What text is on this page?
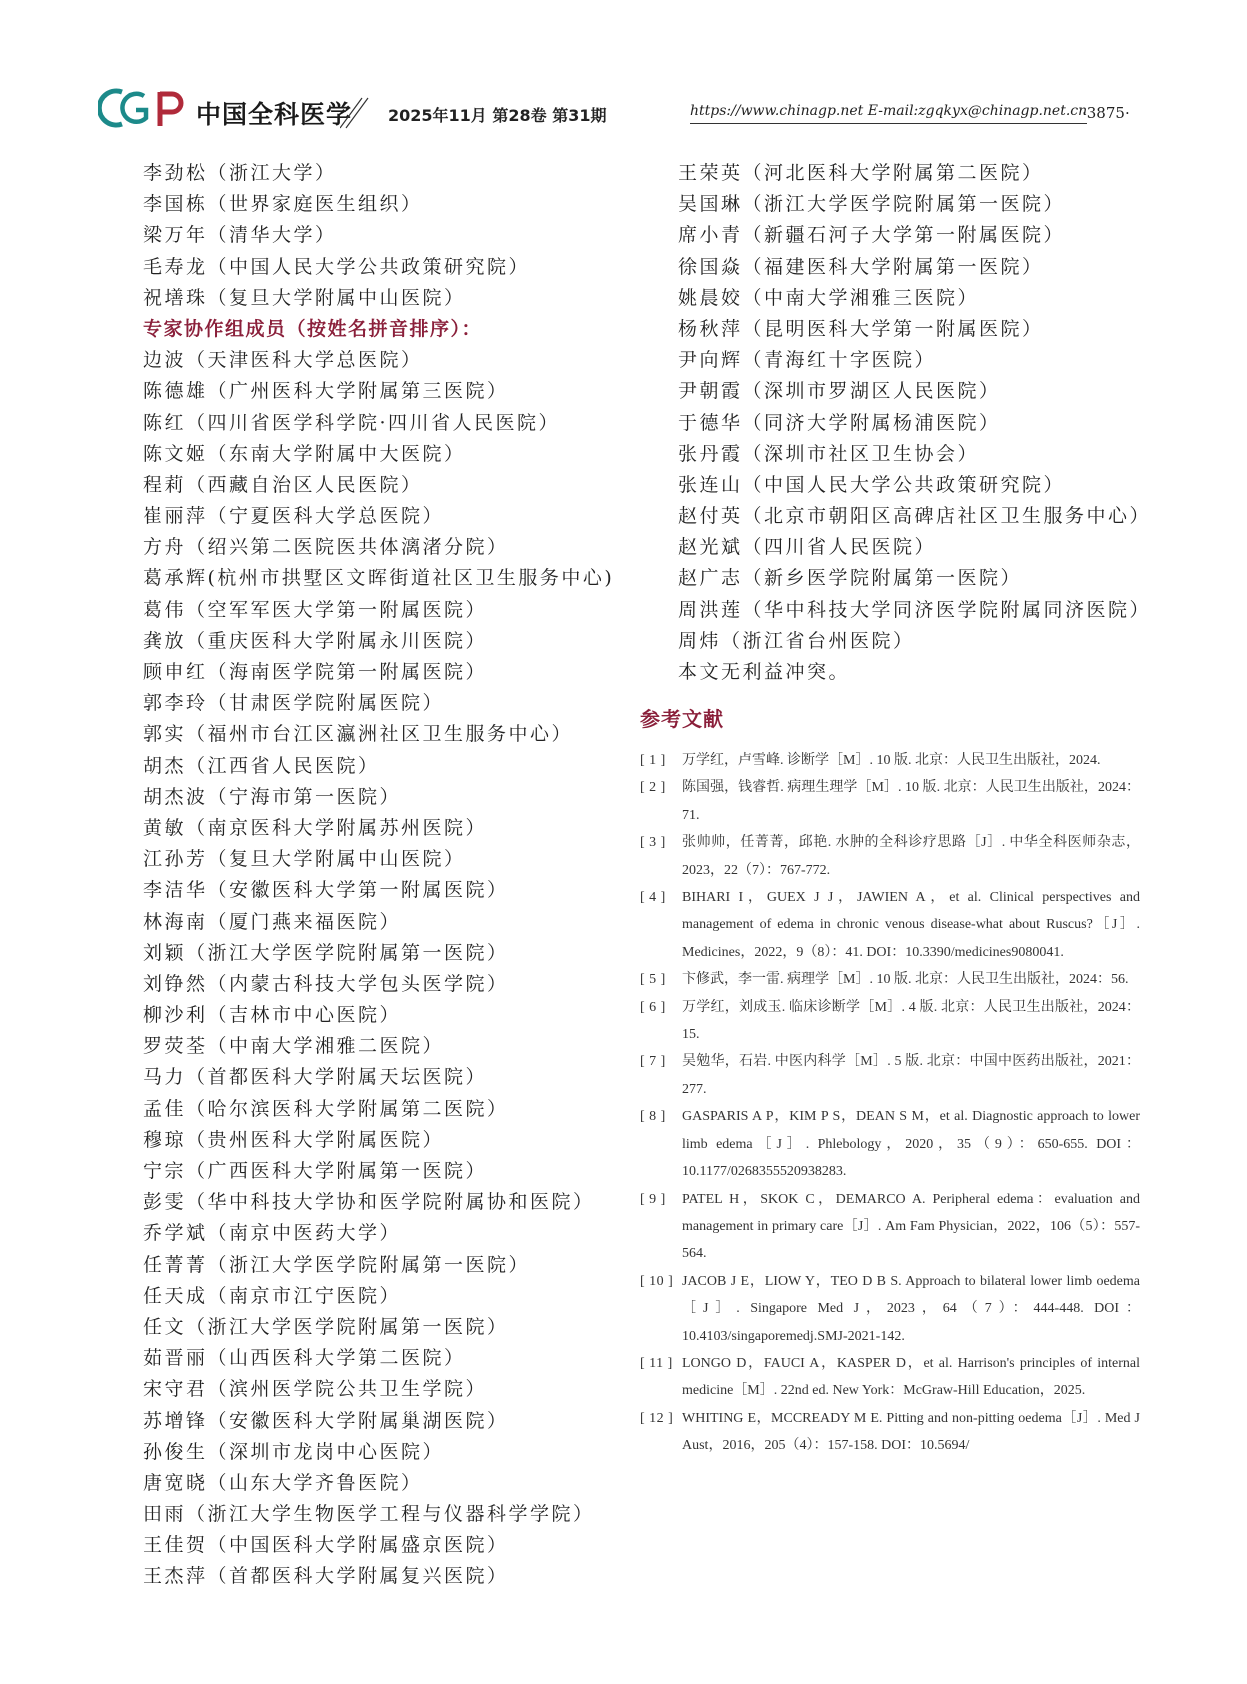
中国全科医学 2025年11月 第28卷 第31期	https://www.chinagp.net E-mail:zgqkyx@chinagp.net.cn
·3875·
李劲松（浙江大学）
李国栋（世界家庭医生组织）
梁万年（清华大学）
毛寿龙（中国人民大学公共政策研究院）
祝墡珠（复旦大学附属中山医院）
专家协作组成员（按姓名拼音排序）：
边波（天津医科大学总医院）
陈德雄（广州医科大学附属第三医院）
陈红（四川省医学科学院·四川省人民医院）
陈文姬（东南大学附属中大医院）
程莉（西藏自治区人民医院）
崔丽萍（宁夏医科大学总医院）
方舟（绍兴第二医院医共体漓渚分院）
葛承辉(杭州市拱墅区文晖街道社区卫生服务中心)
葛伟（空军军医大学第一附属医院）
龚放（重庆医科大学附属永川医院）
顾申红（海南医学院第一附属医院）
郭李玲（甘肃医学院附属医院）
郭实（福州市台江区瀛洲社区卫生服务中心）
胡杰（江西省人民医院）
胡杰波（宁海市第一医院）
黄敏（南京医科大学附属苏州医院）
江孙芳（复旦大学附属中山医院）
李洁华（安徽医科大学第一附属医院）
林海南（厦门燕来福医院）
刘颖（浙江大学医学院附属第一医院）
刘铮然（内蒙古科技大学包头医学院）
柳沙利（吉林市中心医院）
罗荧荃（中南大学湘雅二医院）
马力（首都医科大学附属天坛医院）
孟佳（哈尔滨医科大学附属第二医院）
穆琼（贵州医科大学附属医院）
宁宗（广西医科大学附属第一医院）
彭雯（华中科技大学协和医学院附属协和医院）
乔学斌（南京中医药大学）
任菁菁（浙江大学医学院附属第一医院）
任天成（南京市江宁医院）
任文（浙江大学医学院附属第一医院）
茹晋丽（山西医科大学第二医院）
宋守君（滨州医学院公共卫生学院）
苏增锋（安徽医科大学附属巢湖医院）
孙俊生（深圳市龙岗中心医院）
唐宽晓（山东大学齐鲁医院）
田雨（浙江大学生物医学工程与仪器科学学院）
王佳贺（中国医科大学附属盛京医院）
王杰萍（首都医科大学附属复兴医院）
王荣英（河北医科大学附属第二医院）
吴国琳（浙江大学医学院附属第一医院）
席小青（新疆石河子大学第一附属医院）
徐国焱（福建医科大学附属第一医院）
姚晨姣（中南大学湘雅三医院）
杨秋萍（昆明医科大学第一附属医院）
尹向辉（青海红十字医院）
尹朝霞（深圳市罗湖区人民医院）
于德华（同济大学附属杨浦医院）
张丹霞（深圳市社区卫生协会）
张连山（中国人民大学公共政策研究院）
赵付英（北京市朝阳区高碑店社区卫生服务中心）
赵光斌（四川省人民医院）
赵广志（新乡医学院附属第一医院）
周洪莲（华中科技大学同济医学院附属同济医院）
周炜（浙江省台州医院）
本文无利益冲突。
参考文献
[ 1 ]	万学红，卢雪峰. 诊断学［M］. 10 版. 北京：人民卫生出版社，2024.
[ 2 ]	陈国强，钱睿哲. 病理生理学［M］. 10 版. 北京：人民卫生出版社，2024：71.
[ 3 ]	张帅帅，任菁菁，邱艳. 水肿的全科诊疗思路［J］. 中华全科医师杂志，2023，22（7）：767-772.
[ 4 ]	BIHARI I，GUEX J J，JAWIEN A，et al. Clinical perspectives and management of edema in chronic venous disease-what about Ruscus?［J］. Medicines，2022，9（8）：41. DOI：10.3390/medicines9080041.
[ 5 ]	卞修武，李一雷. 病理学［M］. 10 版. 北京：人民卫生出版社，2024：56.
[ 6 ]	万学红，刘成玉. 临床诊断学［M］. 4 版. 北京：人民卫生出版社，2024：15.
[ 7 ]	吴勉华，石岩. 中医内科学［M］. 5 版. 北京：中国中医药出版社，2021：277.
[ 8 ]	GASPARIS A P，KIM P S，DEAN S M，et al. Diagnostic approach to lower limb edema［J］. Phlebology，2020，35（9）：650-655. DOI：10.1177/0268355520938283.
[ 9 ]	PATEL H，SKOK C，DEMARCO A. Peripheral edema：evaluation and management in primary care［J］. Am Fam Physician，2022，106（5）：557-564.
[ 10 ] JACOB J E，LIOW Y，TEO D B S. Approach to bilateral lower limb oedema［J］. Singapore Med J，2023，64（7）：444-448. DOI：10.4103/singaporemedj.SMJ-2021-142.
[ 11 ] LONGO D，FAUCI A，KASPER D，et al. Harrison's principles of internal medicine［M］. 22nd ed. New York：McGraw-Hill Education，2025.
[ 12 ] WHITING E，MCCREADY M E. Pitting and non-pitting oedema［J］. Med J Aust，2016，205（4）：157-158. DOI：10.5694/
